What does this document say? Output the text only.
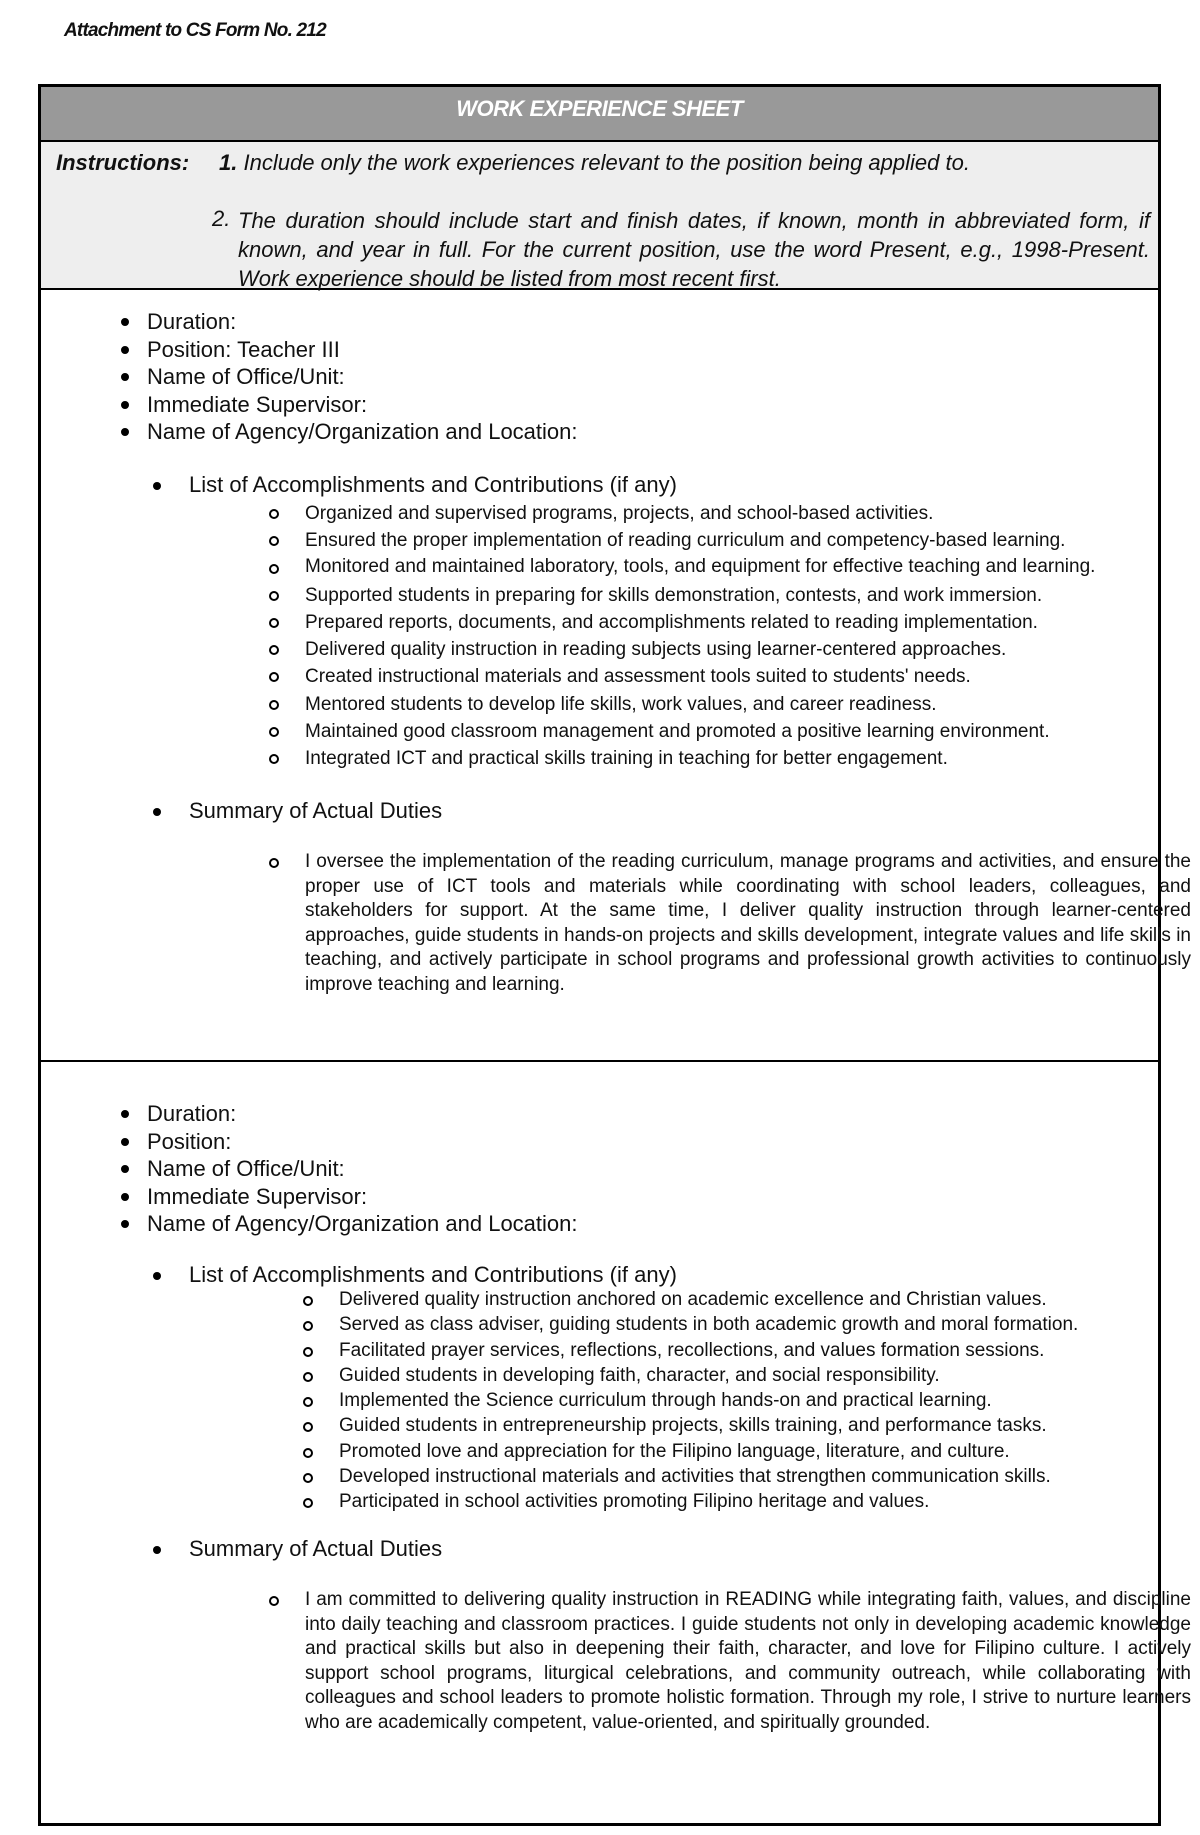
Attachment to CS Form No. 212
WORK EXPERIENCE SHEET
Instructions: 1. Include only the work experiences relevant to the position being applied to.
2. The duration should include start and finish dates, if known, month in abbreviated form, if known, and year in full. For the current position, use the word Present, e.g., 1998-Present. Work experience should be listed from most recent first.
Duration:
Position: Teacher III
Name of Office/Unit:
Immediate Supervisor:
Name of Agency/Organization and Location:
List of Accomplishments and Contributions (if any)
Organized and supervised programs, projects, and school-based activities.
Ensured the proper implementation of reading curriculum and competency-based learning.
Monitored and maintained laboratory, tools, and equipment for effective teaching and learning.
Supported students in preparing for skills demonstration, contests, and work immersion.
Prepared reports, documents, and accomplishments related to reading implementation.
Delivered quality instruction in reading subjects using learner-centered approaches.
Created instructional materials and assessment tools suited to students' needs.
Mentored students to develop life skills, work values, and career readiness.
Maintained good classroom management and promoted a positive learning environment.
Integrated ICT and practical skills training in teaching for better engagement.
Summary of Actual Duties
I oversee the implementation of the reading curriculum, manage programs and activities, and ensure the proper use of ICT tools and materials while coordinating with school leaders, colleagues, and stakeholders for support. At the same time, I deliver quality instruction through learner-centered approaches, guide students in hands-on projects and skills development, integrate values and life skills in teaching, and actively participate in school programs and professional growth activities to continuously improve teaching and learning.
Duration:
Position:
Name of Office/Unit:
Immediate Supervisor:
Name of Agency/Organization and Location:
List of Accomplishments and Contributions (if any)
Delivered quality instruction anchored on academic excellence and Christian values.
Served as class adviser, guiding students in both academic growth and moral formation.
Facilitated prayer services, reflections, recollections, and values formation sessions.
Guided students in developing faith, character, and social responsibility.
Implemented the Science curriculum through hands-on and practical learning.
Guided students in entrepreneurship projects, skills training, and performance tasks.
Promoted love and appreciation for the Filipino language, literature, and culture.
Developed instructional materials and activities that strengthen communication skills.
Participated in school activities promoting Filipino heritage and values.
Summary of Actual Duties
I am committed to delivering quality instruction in READING while integrating faith, values, and discipline into daily teaching and classroom practices. I guide students not only in developing academic knowledge and practical skills but also in deepening their faith, character, and love for Filipino culture. I actively support school programs, liturgical celebrations, and community outreach, while collaborating with colleagues and school leaders to promote holistic formation. Through my role, I strive to nurture learners who are academically competent, value-oriented, and spiritually grounded.
